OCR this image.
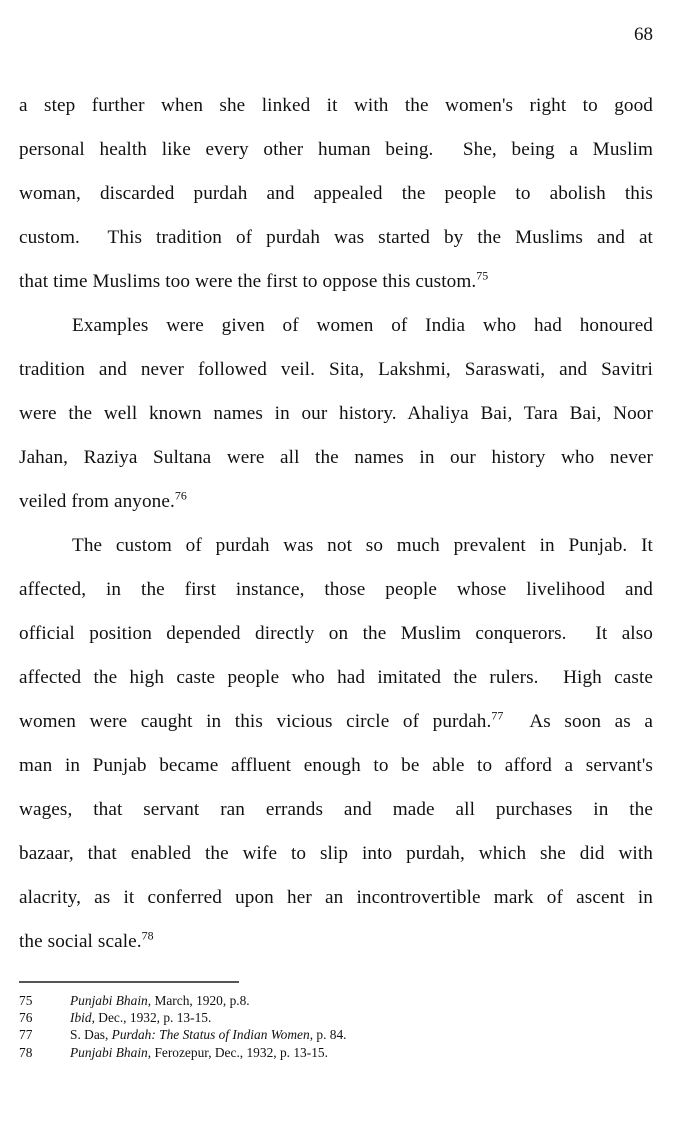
68

a step further when she linked it with the women's right to good
personal health like every other human being.  She, being a Muslim
woman, discarded purdah and appealed the people to abolish this
custom.  This tradition of purdah was started by the Muslims and at
that time Muslims too were the first to oppose this custom.$^{75}$

Examples were given of women of India who had honoured
tradition and never followed veil. Sita, Lakshmi, Saraswati, and Savitri
were the well known names in our history. Ahaliya Bai, Tara Bai, Noor
Jahan, Raziya Sultana were all the names in our history who never
veiled from anyone.$^{76}$

The custom of purdah was not so much prevalent in Punjab. It
affected, in the first instance, those people whose livelihood and
official position depended directly on the Muslim conquerors.  It also
affected the high caste people who had imitated the rulers.  High caste
women were caught in this vicious circle of purdah.$^{77}$  As soon as a
man in Punjab became affluent enough to be able to afford a servant's
wages, that servant ran errands and made all purchases in the
bazaar, that enabled the wife to slip into purdah, which she did with
alacrity, as it conferred upon her an incontrovertible mark of ascent in
the social scale.$^{78}$

75	Punjabi Bhain, March, 1920, p.8.
76	Ibid, Dec., 1932, p. 13-15.
77	S. Das, Purdah: The Status of Indian Women, p. 84.
78	Punjabi Bhain, Ferozepur, Dec., 1932, p. 13-15.
